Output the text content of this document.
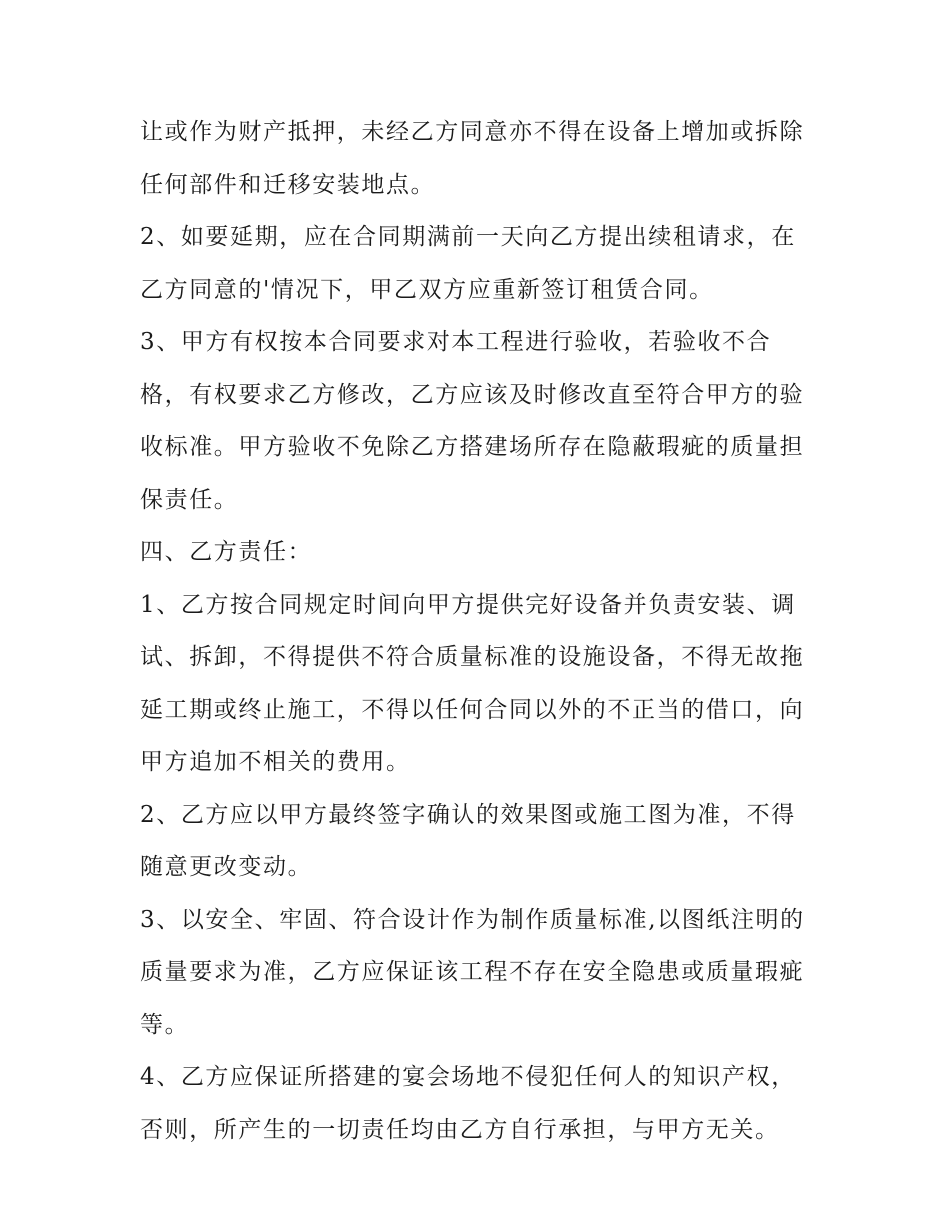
让或作为财产抵押，未经乙方同意亦不得在设备上增加或拆除
任何部件和迁移安装地点。
2、如要延期，应在合同期满前一天向乙方提出续租请求，在
乙方同意的'情况下，甲乙双方应重新签订租赁合同。
3、甲方有权按本合同要求对本工程进行验收，若验收不合
格，有权要求乙方修改，乙方应该及时修改直至符合甲方的验
收标准。甲方验收不免除乙方搭建场所存在隐蔽瑕疵的质量担
保责任。
四、乙方责任：
1、乙方按合同规定时间向甲方提供完好设备并负责安装、调
试、拆卸，不得提供不符合质量标准的设施设备，不得无故拖
延工期或终止施工，不得以任何合同以外的不正当的借口，向
甲方追加不相关的费用。
2、乙方应以甲方最终签字确认的效果图或施工图为准，不得
随意更改变动。
3、以安全、牢固、符合设计作为制作质量标准,以图纸注明的
质量要求为准，乙方应保证该工程不存在安全隐患或质量瑕疵
等。
4、乙方应保证所搭建的宴会场地不侵犯任何人的知识产权，
否则，所产生的一切责任均由乙方自行承担，与甲方无关。
